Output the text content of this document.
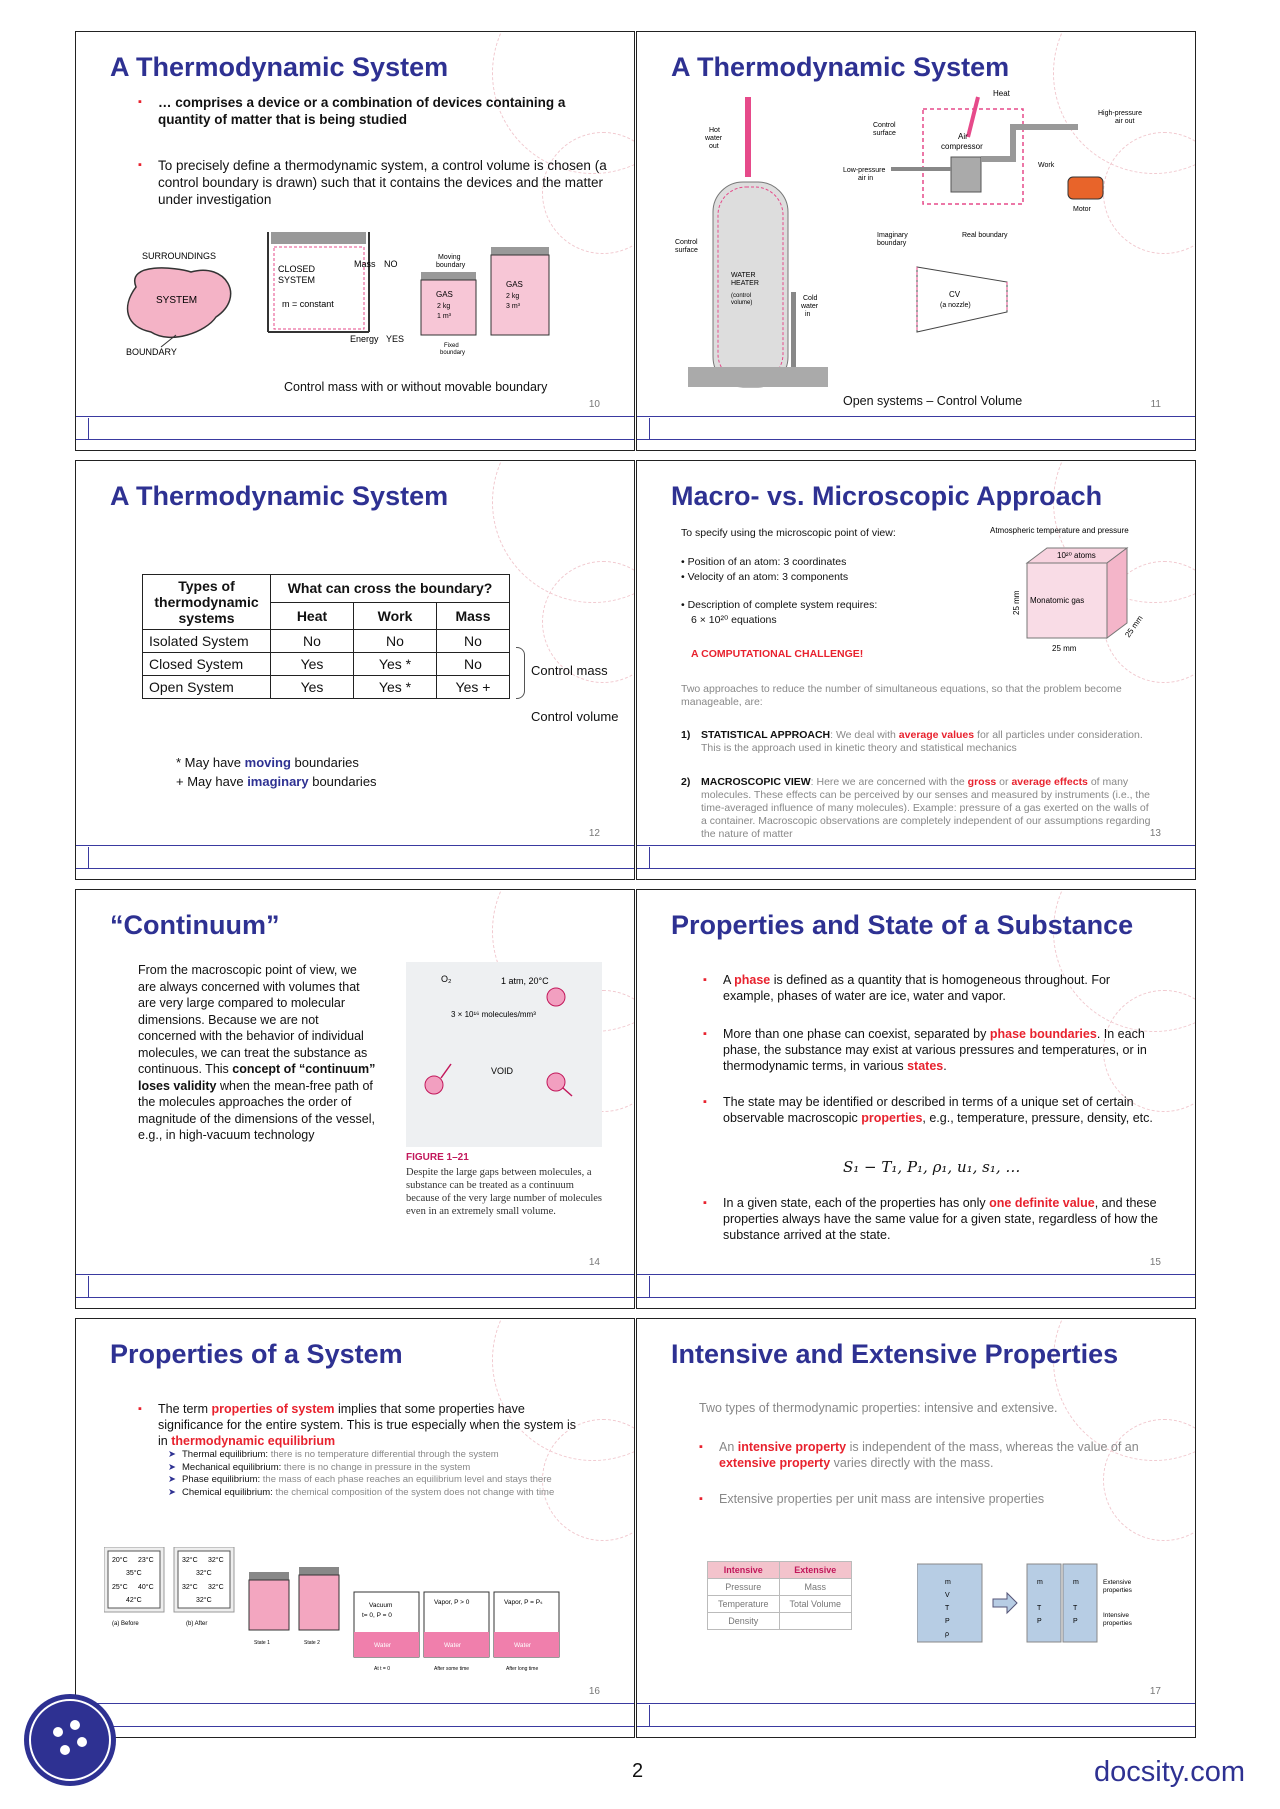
A Thermodynamic System
▪ … comprises a device or a combination of devices containing a quantity of matter that is being studied
▪ To precisely define a thermodynamic system, a control volume is chosen (a control boundary is drawn) such that it contains the devices and the matter under investigation
SURROUNDINGS
SYSTEM
BOUNDARY
CLOSED
SYSTEM
m = constant
Mass NO
Energy YES
Moving
boundary
GAS
2 kg
1 m³
GAS
2 kg
3 m³
Fixed
boundary
Control mass with or without movable boundary
10
A Thermodynamic System
Hot
water
out
Control
surface
WATER
HEATER
(control
volume)
Cold
water
in
Heat
Control
surface	Air
compressor
Low-pressure
air in
High-pressure
air out
Work
Motor
Imaginary
boundary
Real boundary
CV
(a nozzle)
Open systems – Control Volume	11
A Thermodynamic System
Types of thermodynamic systems	What can cross the boundary?		
	Heat	Work	Mass
Isolated System	No	No	No
Closed System	Yes	Yes *	No
Open System	Yes	Yes *	Yes +
Control mass
Control volume
* May have moving boundaries
+ May have imaginary boundaries
12
Macro- vs. Microscopic Approach
To specify using the microscopic point of view:
• Position of an atom: 3 coordinates
• Velocity of an atom: 3 components
• Description of complete system requires:
6 × 10²⁰ equations
A COMPUTATIONAL CHALLENGE!
Atmospheric temperature and pressure
10²⁰ atoms
Monatomic gas
25 mm
25 mm
25 mm
Two approaches to reduce the number of simultaneous equations, so that the problem become manageable, are:
1)	STATISTICAL APPROACH: We deal with average values for all particles under consideration. This is the approach used in kinetic theory and statistical mechanics
2)	MACROSCOPIC VIEW: Here we are concerned with the gross or average effects of many molecules. These effects can be perceived by our senses and measured by instruments (i.e., the time-averaged influence of many molecules). Example: pressure of a gas exerted on the walls of a container. Macroscopic observations are completely independent of our assumptions regarding the nature of matter	13
“Continuum”
From the macroscopic point of view, we are always concerned with volumes that are very large compared to molecular dimensions. Because we are not concerned with the behavior of individual molecules, we can treat the substance as continuous. This concept of “continuum” loses validity when the mean-free path of the molecules approaches the order of magnitude of the dimensions of the vessel, e.g., in high-vacuum technology
O₂	1 atm, 20°C
3 × 10¹⁶ molecules/mm³
VOID
FIGURE 1–21
Despite the large gaps between molecules, a substance can be treated as a continuum because of the very large number of molecules even in an extremely small volume.
14
Properties and State of a Substance
▪ A phase is defined as a quantity that is homogeneous throughout. For example, phases of water are ice, water and vapor.
▪ More than one phase can coexist, separated by phase boundaries. In each phase, the substance may exist at various pressures and temperatures, or in thermodynamic terms, in various states.
▪ The state may be identified or described in terms of a unique set of certain observable macroscopic properties, e.g., temperature, pressure, density, etc.
S₁ − T₁, P₁, ρ₁, u₁, s₁, …
▪ In a given state, each of the properties has only one definite value, and these properties always have the same value for a given state, regardless of how the substance arrived at the state.
15
Properties of a System
▪ The term properties of system implies that some properties have significance for the entire system. This is true especially when the system is in thermodynamic equilibrium
➤ Thermal equilibrium: there is no temperature differential through the system
➤ Mechanical equilibrium: there is no change in pressure in the system
➤ Phase equilibrium: the mass of each phase reaches an equilibrium level and stays there
➤ Chemical equilibrium: the chemical composition of the system does not change with time
20°C 23°C
35°C
25°C 40°C
42°C
(a) Before
32°C 32°C
32°C
32°C 32°C
32°C
(b) After
State 1	State 2
Vacuum
t= 0, P = 0
Water
At t = 0
Vapor, P > 0
Water
After some time
Vapor, P = Pₛ
Water
After long time
16
Intensive and Extensive Properties
Two types of thermodynamic properties: intensive and extensive.
▪ An intensive property is independent of the mass, whereas the value of an extensive property varies directly with the mass.
▪ Extensive properties per unit mass are intensive properties
Intensive	Extensive
Pressure	Mass
Temperature	Total Volume
Density	
m
V
T
P
ρ
m	m
T	T
P	P
Extensive
properties
Intensive
properties
17
2	docsity.com
